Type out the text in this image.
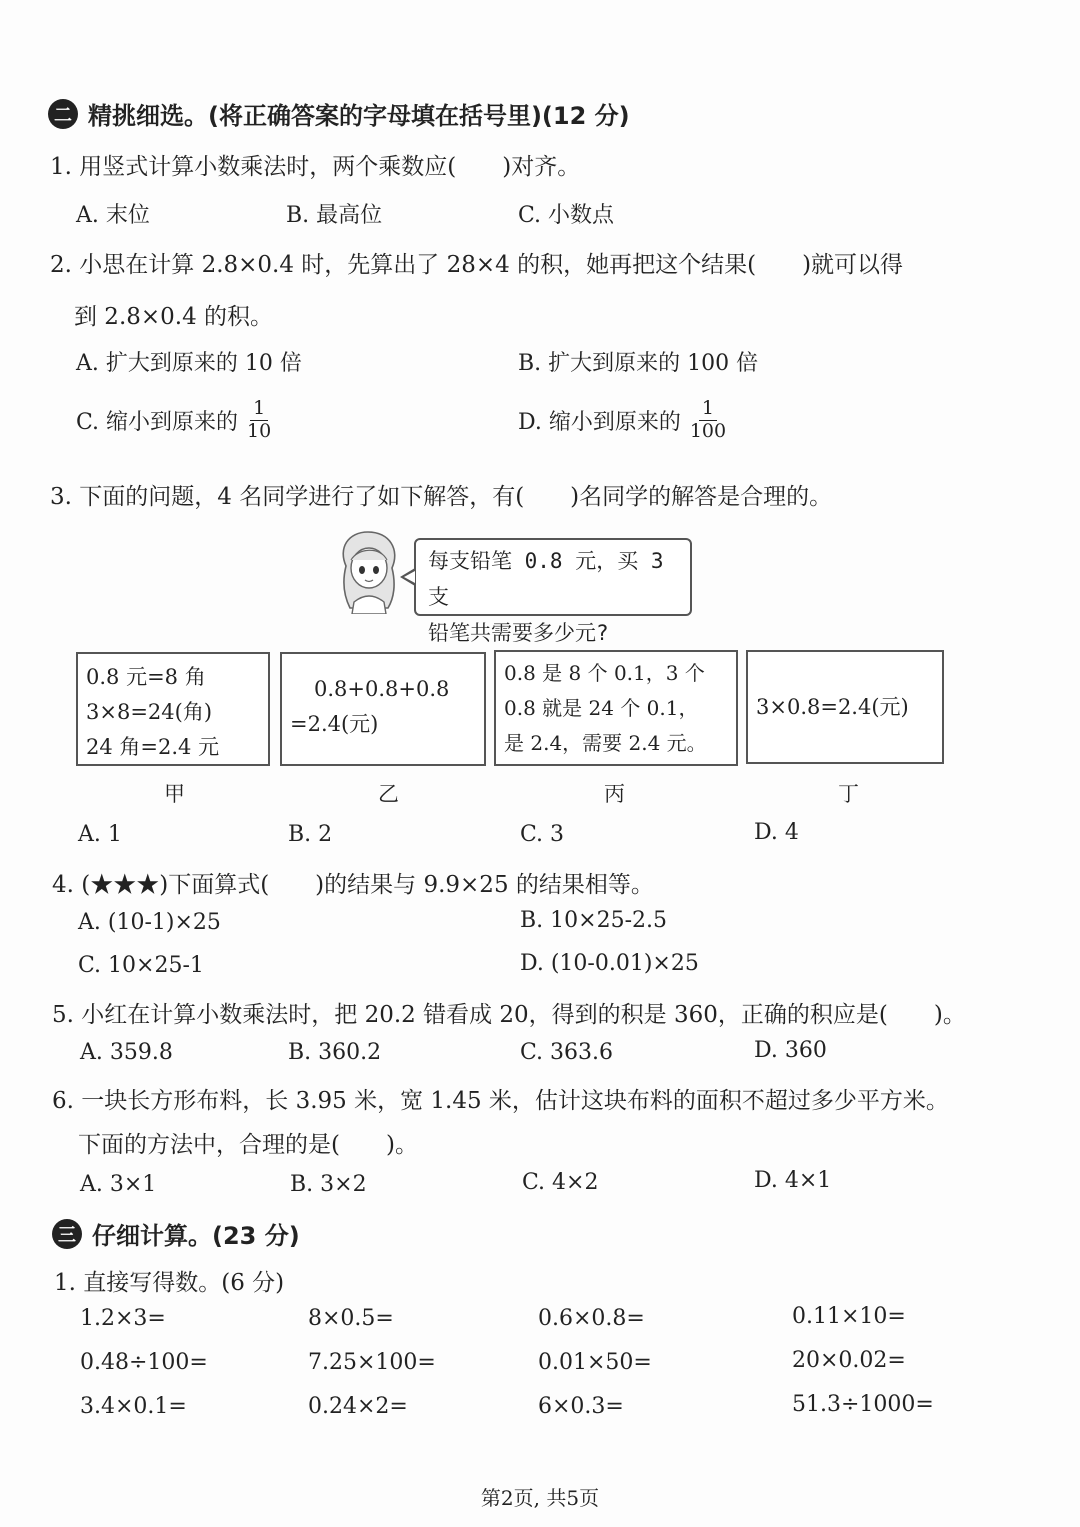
二 精挑细选。(将正确答案的字母填在括号里)(12 分)
1. 用竖式计算小数乘法时，两个乘数应(　　)对齐。
A. 末位	B. 最高位	C. 小数点
2. 小思在计算 2.8×0.4 时，先算出了 28×4 的积，她再把这个结果(　　)就可以得
到 2.8×0.4 的积。
A. 扩大到原来的 10 倍	B. 扩大到原来的 100 倍
C. 缩小到原来的 $\frac{1}{10}$	D. 缩小到原来的 $\frac{1}{100}$
3. 下面的问题，4 名同学进行了如下解答，有(　　)名同学的解答是合理的。
每支铅笔 0.8 元，买 3 支
铅笔共需要多少元?
0.8 元=8 角
3×8=24(角)
24 角=2.4 元
0.8+0.8+0.8
=2.4(元)
0.8 是 8 个 0.1，3 个
0.8 就是 24 个 0.1，
是 2.4，需要 2.4 元。
3×0.8=2.4(元)
甲	乙	丙	丁
A. 1	B. 2	C. 3	D. 4
4. (★★★)下面算式(　　)的结果与 9.9×25 的结果相等。
A. (10-1)×25	B. 10×25-2.5
C. 10×25-1	D. (10-0.01)×25
5. 小红在计算小数乘法时，把 20.2 错看成 20，得到的积是 360，正确的积应是(　　)。
A. 359.8	B. 360.2	C. 363.6	D. 360
6. 一块长方形布料，长 3.95 米，宽 1.45 米，估计这块布料的面积不超过多少平方米。
下面的方法中，合理的是(　　)。
A. 3×1	B. 3×2	C. 4×2	D. 4×1
三 仔细计算。(23 分)
1. 直接写得数。(6 分)
1.2×3=	8×0.5=	0.6×0.8=	0.11×10=
0.48÷100=	7.25×100=	0.01×50=	20×0.02=
3.4×0.1=	0.24×2=	6×0.3=	51.3÷1000=
第2页, 共5页
